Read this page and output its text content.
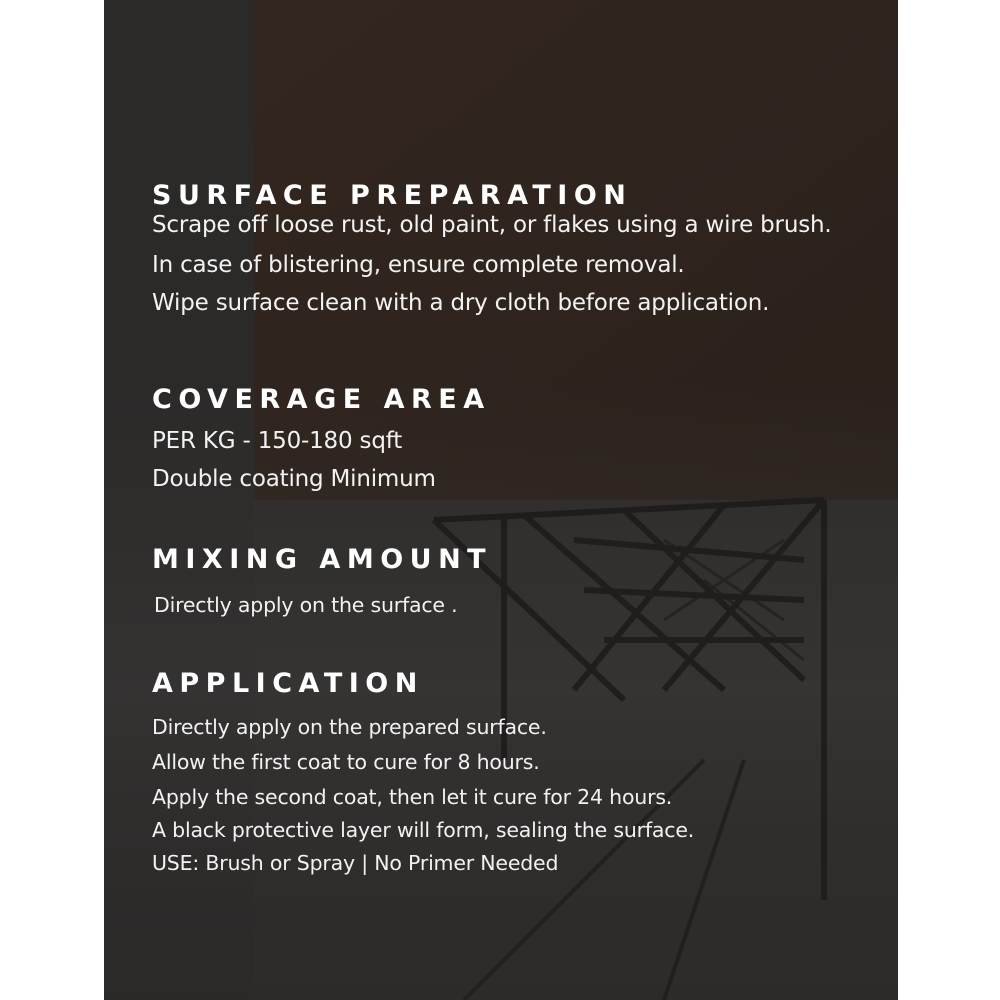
SURFACE PREPARATION

Scrape off loose rust, old paint, or flakes using a wire brush.

In case of blistering, ensure complete removal.

Wipe surface clean with a dry cloth before application.

COVERAGE AREA

PER KG - 150-180 sqft

Double coating Minimum

MIXING AMOUNT

Directly apply on the surface .

APPLICATION

Directly apply on the prepared surface.

Allow the first coat to cure for 8 hours.

Apply the second coat, then let it cure for 24 hours.

A black protective layer will form, sealing the surface.

USE: Brush or Spray | No Primer Needed
